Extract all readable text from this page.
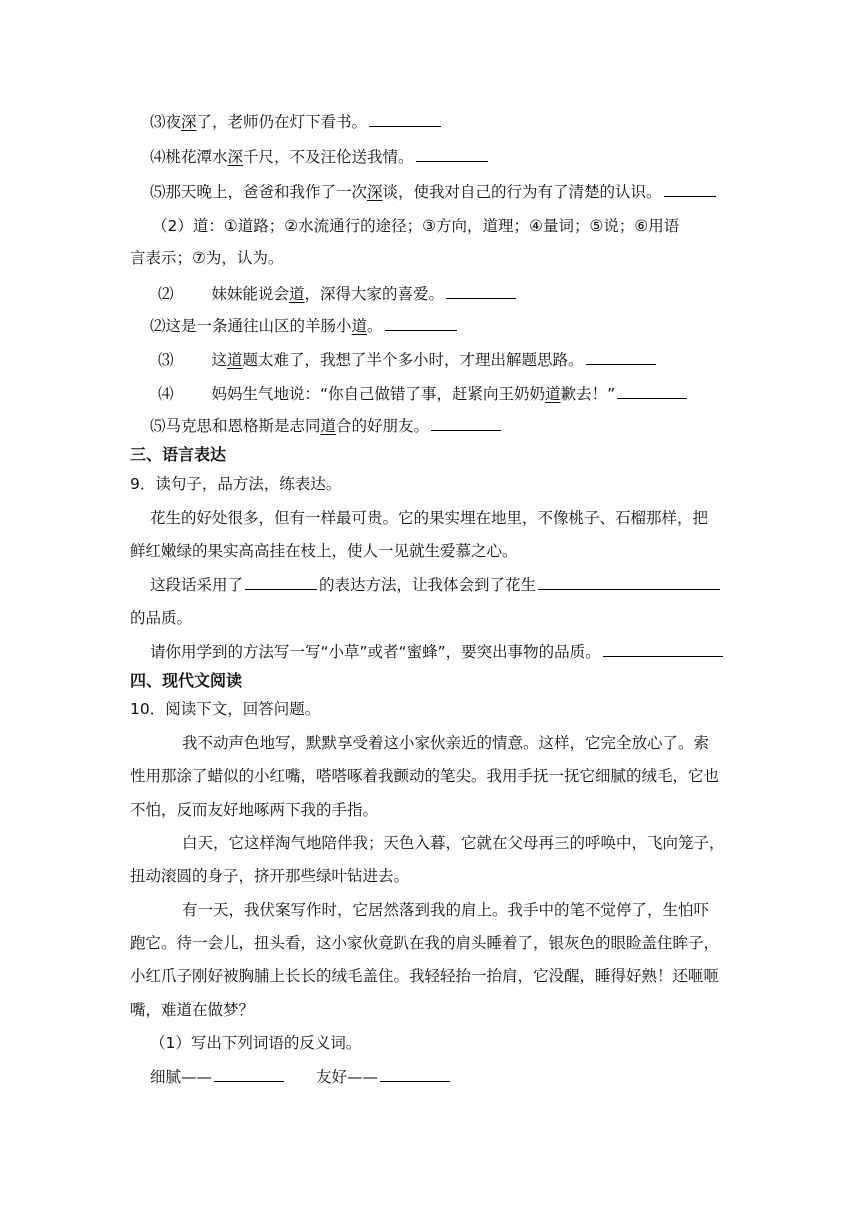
⑶夜深了，老师仍在灯下看书。
⑷桃花潭水深千尺，不及汪伦送我情。
⑸那天晚上，爸爸和我作了一次深谈，使我对自己的行为有了清楚的认识。
（2）道：①道路；②水流通行的途径；③方向，道理；④量词；⑤说；⑥用语
言表示；⑦为，认为。
⑵ 妹妹能说会道，深得大家的喜爱。
⑵这是一条通往山区的羊肠小道。
⑶ 这道题太难了，我想了半个多小时，才理出解题思路。
⑷ 妈妈生气地说：“你自己做错了事，赶紧向王奶奶道歉去！”
⑸马克思和恩格斯是志同道合的好朋友。
三、语言表达
9．读句子，品方法，练表达。
花生的好处很多，但有一样最可贵。它的果实埋在地里，不像桃子、石榴那样，把
鲜红嫩绿的果实高高挂在枝上，使人一见就生爱慕之心。
这段话采用了	的表达方法，让我体会到了花生
的品质。
请你用学到的方法写一写“小草”或者“蜜蜂”，要突出事物的品质。
四、现代文阅读
10．阅读下文，回答问题。
我不动声色地写，默默享受着这小家伙亲近的情意。这样，它完全放心了。索
性用那涂了蜡似的小红嘴，嗒嗒啄着我颤动的笔尖。我用手抚一抚它细腻的绒毛，它也
不怕，反而友好地啄两下我的手指。
白天，它这样淘气地陪伴我；天色入暮，它就在父母再三的呼唤中，飞向笼子，
扭动滚圆的身子，挤开那些绿叶钻进去。
有一天，我伏案写作时，它居然落到我的肩上。我手中的笔不觉停了，生怕吓
跑它。待一会儿，扭头看，这小家伙竟趴在我的肩头睡着了，银灰色的眼睑盖住眸子，
小红爪子刚好被胸脯上长长的绒毛盖住。我轻轻抬一抬肩，它没醒，睡得好熟！还咂咂
嘴，难道在做梦？
（1）写出下列词语的反义词。
细腻——	友好——
